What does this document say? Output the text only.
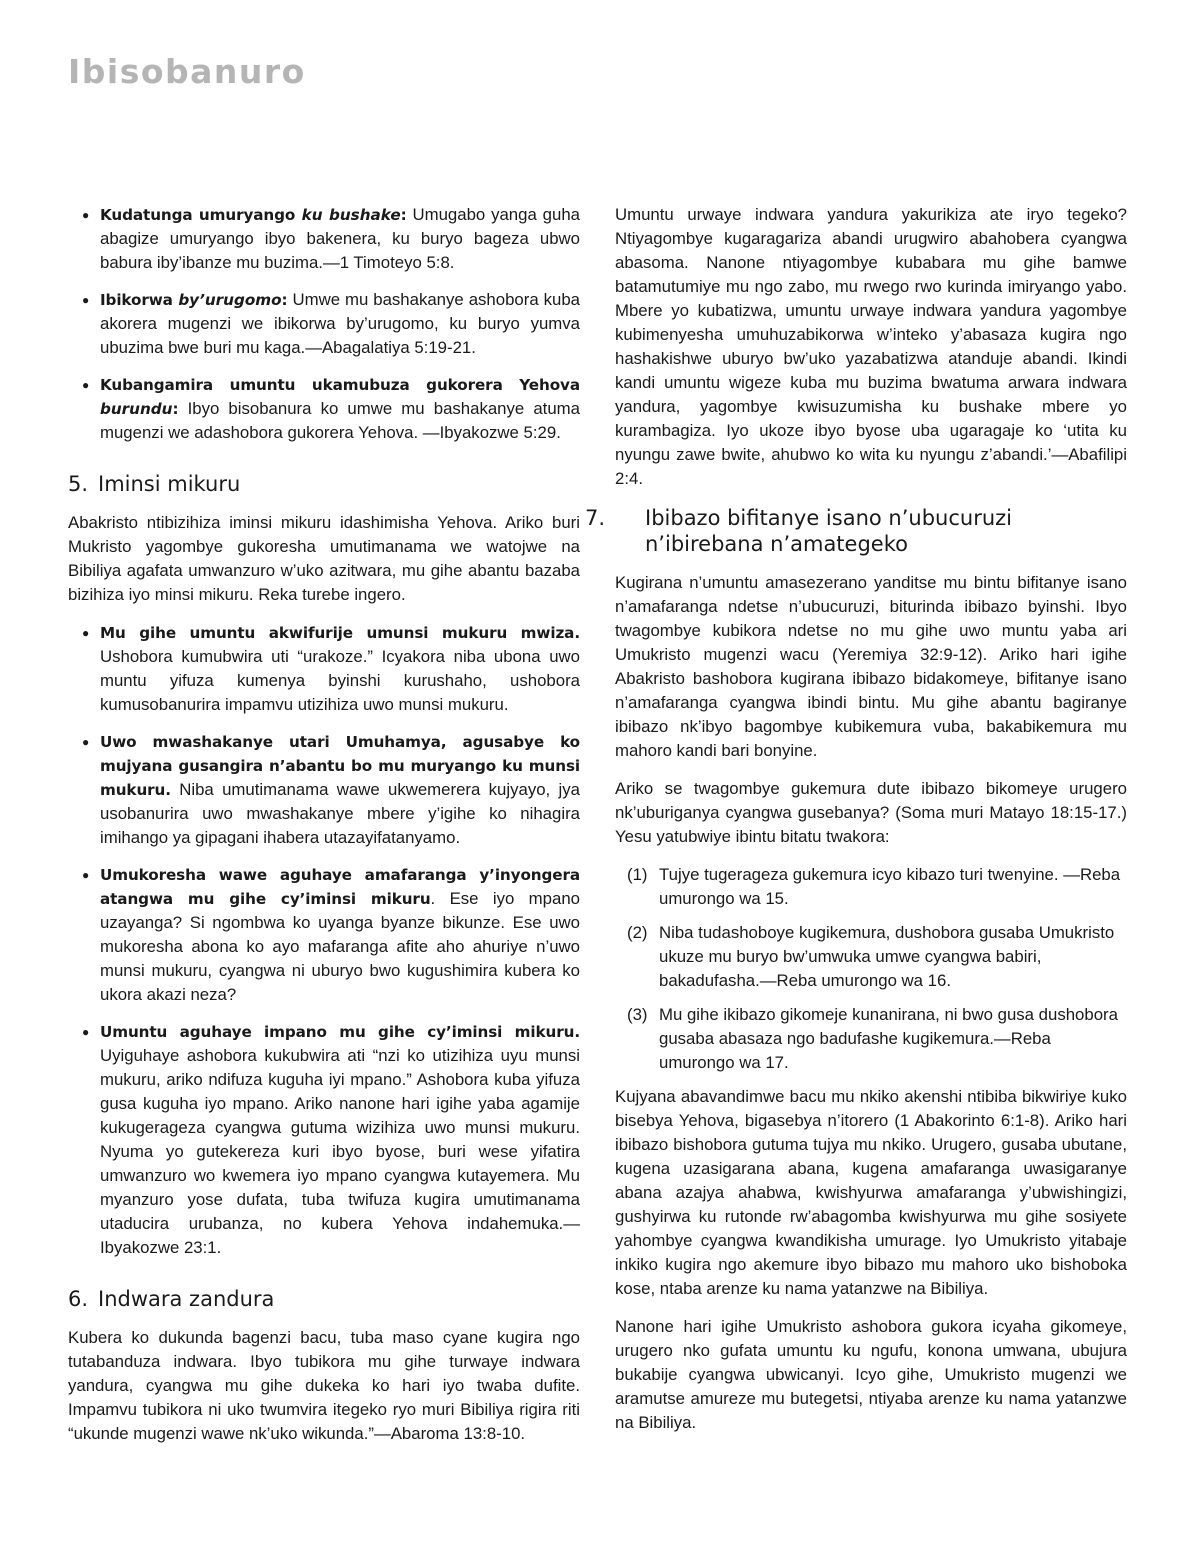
Ibisobanuro
● Kudatunga umuryango ku bushake: Umugabo yanga guha abagize umuryango ibyo bakenera, ku buryo bageza ubwo babura iby’ibanze mu buzima.—1 Timoteyo 5:8.
● Ibikorwa by’urugomo: Umwe mu bashakanye ashobora kuba akorera mugenzi we ibikorwa by’urugomo, ku buryo yumva ubuzima bwe buri mu kaga.—Abagalatiya 5:19-21.
● Kubangamira umuntu ukamubuza gukorera Yehova burundu: Ibyo bisobanura ko umwe mu bashakanye atuma mugenzi we adashobora gukorera Yehova. —Ibyakozwe 5:29.
5. Iminsi mikuru

Abakristo ntibizihiza iminsi mikuru idashimisha Yehova. Ariko buri Mukristo yagombye gukoresha umutimanama we watojwe na Bibiliya agafata umwanzuro w’uko azitwara, mu gihe abantu bazaba bizihiza iyo minsi mikuru. Reka turebe ingero.

● Mu gihe umuntu akwifurije umunsi mukuru mwiza. Ushobora kumubwira uti “urakoze.” Icyakora niba ubona uwo muntu yifuza kumenya byinshi kurushaho, ushobora kumusobanurira impamvu utizihiza uwo munsi mukuru.
● Uwo mwashakanye utari Umuhamya, agusabye ko mujyana gusangira n’abantu bo mu muryango ku munsi mukuru. Niba umutimanama wawe ukwemerera kujyayo, jya usobanurira uwo mwashakanye mbere y’igihe ko nihagira imihango ya gipagani ihabera utazayifatanyamo.
● Umukoresha wawe aguhaye amafaranga y’inyongera atangwa mu gihe cy’iminsi mikuru. Ese iyo mpano uzayanga? Si ngombwa ko uyanga byanze bikunze. Ese uwo mukoresha abona ko ayo mafaranga afite aho ahuriye n’uwo munsi mukuru, cyangwa ni uburyo bwo kugushimira kubera ko ukora akazi neza?
● Umuntu aguhaye impano mu gihe cy’iminsi mikuru. Uyiguhaye ashobora kukubwira ati “nzi ko utizihiza uyu munsi mukuru, ariko ndifuza kuguha iyi mpano.” Ashobora kuba yifuza gusa kuguha iyo mpano. Ariko nanone hari igihe yaba agamije kukugerageza cyangwa gutuma wizihiza uwo munsi mukuru. Nyuma yo gutekereza kuri ibyo byose, buri wese yifatira umwanzuro wo kwemera iyo mpano cyangwa kutayemera. Mu myanzuro yose dufata, tuba twifuza kugira umutimanama utaducira urubanza, no kubera Yehova indahemuka.—Ibyakozwe 23:1.
6. Indwara zandura

Kubera ko dukunda bagenzi bacu, tuba maso cyane kugira ngo tutabanduza indwara. Ibyo tubikora mu gihe turwaye indwara yandura, cyangwa mu gihe dukeka ko hari iyo twaba dufite. Impamvu tubikora ni uko twumvira itegeko ryo muri Bibiliya rigira riti “ukunde mugenzi wawe nk’uko wikunda.”—Abaroma 13:8-10.

Umuntu urwaye indwara yandura yakurikiza ate iryo tegeko? Ntiyagombye kugaragariza abandi urugwiro abahobera cyangwa abasoma. Nanone ntiyagombye kubabara mu gihe bamwe batamutumiye mu ngo zabo, mu rwego rwo kurinda imiryango yabo. Mbere yo kubatizwa, umuntu urwaye indwara yandura yagombye kubimenyesha umuhuzabikorwa w’inteko y’abasaza kugira ngo hashakishwe uburyo bw’uko yazabatizwa atanduje abandi. Ikindi kandi umuntu wigeze kuba mu buzima bwatuma arwara indwara yandura, yagombye kwisuzumisha ku bushake mbere yo kurambagiza. Iyo ukoze ibyo byose uba ugaragaje ko ‘utita ku nyungu zawe bwite, ahubwo ko wita ku nyungu z’abandi.’—Abafilipi 2:4.

7. Ibibazo bifitanye isano n’ubucuruzi n’ibirebana n’amategeko

Kugirana n’umuntu amasezerano yanditse mu bintu bifitanye isano n’amafaranga ndetse n’ubucuruzi, biturinda ibibazo byinshi. Ibyo twagombye kubikora ndetse no mu gihe uwo muntu yaba ari Umukristo mugenzi wacu (Yeremiya 32:9-12). Ariko hari igihe Abakristo bashobora kugirana ibibazo bidakomeye, bifitanye isano n’amafaranga cyangwa ibindi bintu. Mu gihe abantu bagiranye ibibazo nk’ibyo bagombye kubikemura vuba, bakabikemura mu mahoro kandi bari bonyine.

Ariko se twagombye gukemura dute ibibazo bikomeye urugero nk’uburiganya cyangwa gusebanya? (Soma muri Matayo 18:15-17.) Yesu yatubwiye ibintu bitatu twakora:

(1) Tujye tugerageza gukemura icyo kibazo turi twenyine. —Reba umurongo wa 15.
(2) Niba tudashoboye kugikemura, dushobora gusaba Umukristo ukuze mu buryo bw’umwuka umwe cyangwa babiri, bakadufasha.—Reba umurongo wa 16.
(3) Mu gihe ikibazo gikomeje kunanirana, ni bwo gusa dushobora gusaba abasaza ngo badufashe kugikemura.—Reba umurongo wa 17.

Kujyana abavandimwe bacu mu nkiko akenshi ntibiba bikwiriye kuko bisebya Yehova, bigasebya n’itorero (1 Abakorinto 6:1-8). Ariko hari ibibazo bishobora gutuma tujya mu nkiko. Urugero, gusaba ubutane, kugena uzasigarana abana, kugena amafaranga uwasigaranye abana azajya ahabwa, kwishyurwa amafaranga y’ubwishingizi, gushyirwa ku rutonde rw’abagomba kwishyurwa mu gihe sosiyete yahombye cyangwa kwandikisha umurage. Iyo Umukristo yitabaje inkiko kugira ngo akemure ibyo bibazo mu mahoro uko bishoboka kose, ntaba arenze ku nama yatanzwe na Bibiliya.

Nanone hari igihe Umukristo ashobora gukora icyaha gikomeye, urugero nko gufata umuntu ku ngufu, konona umwana, ubujura bukabije cyangwa ubwicanyi. Icyo gihe, Umukristo mugenzi we aramutse amureze mu butegetsi, ntiyaba arenze ku nama yatanzwe na Bibiliya.
